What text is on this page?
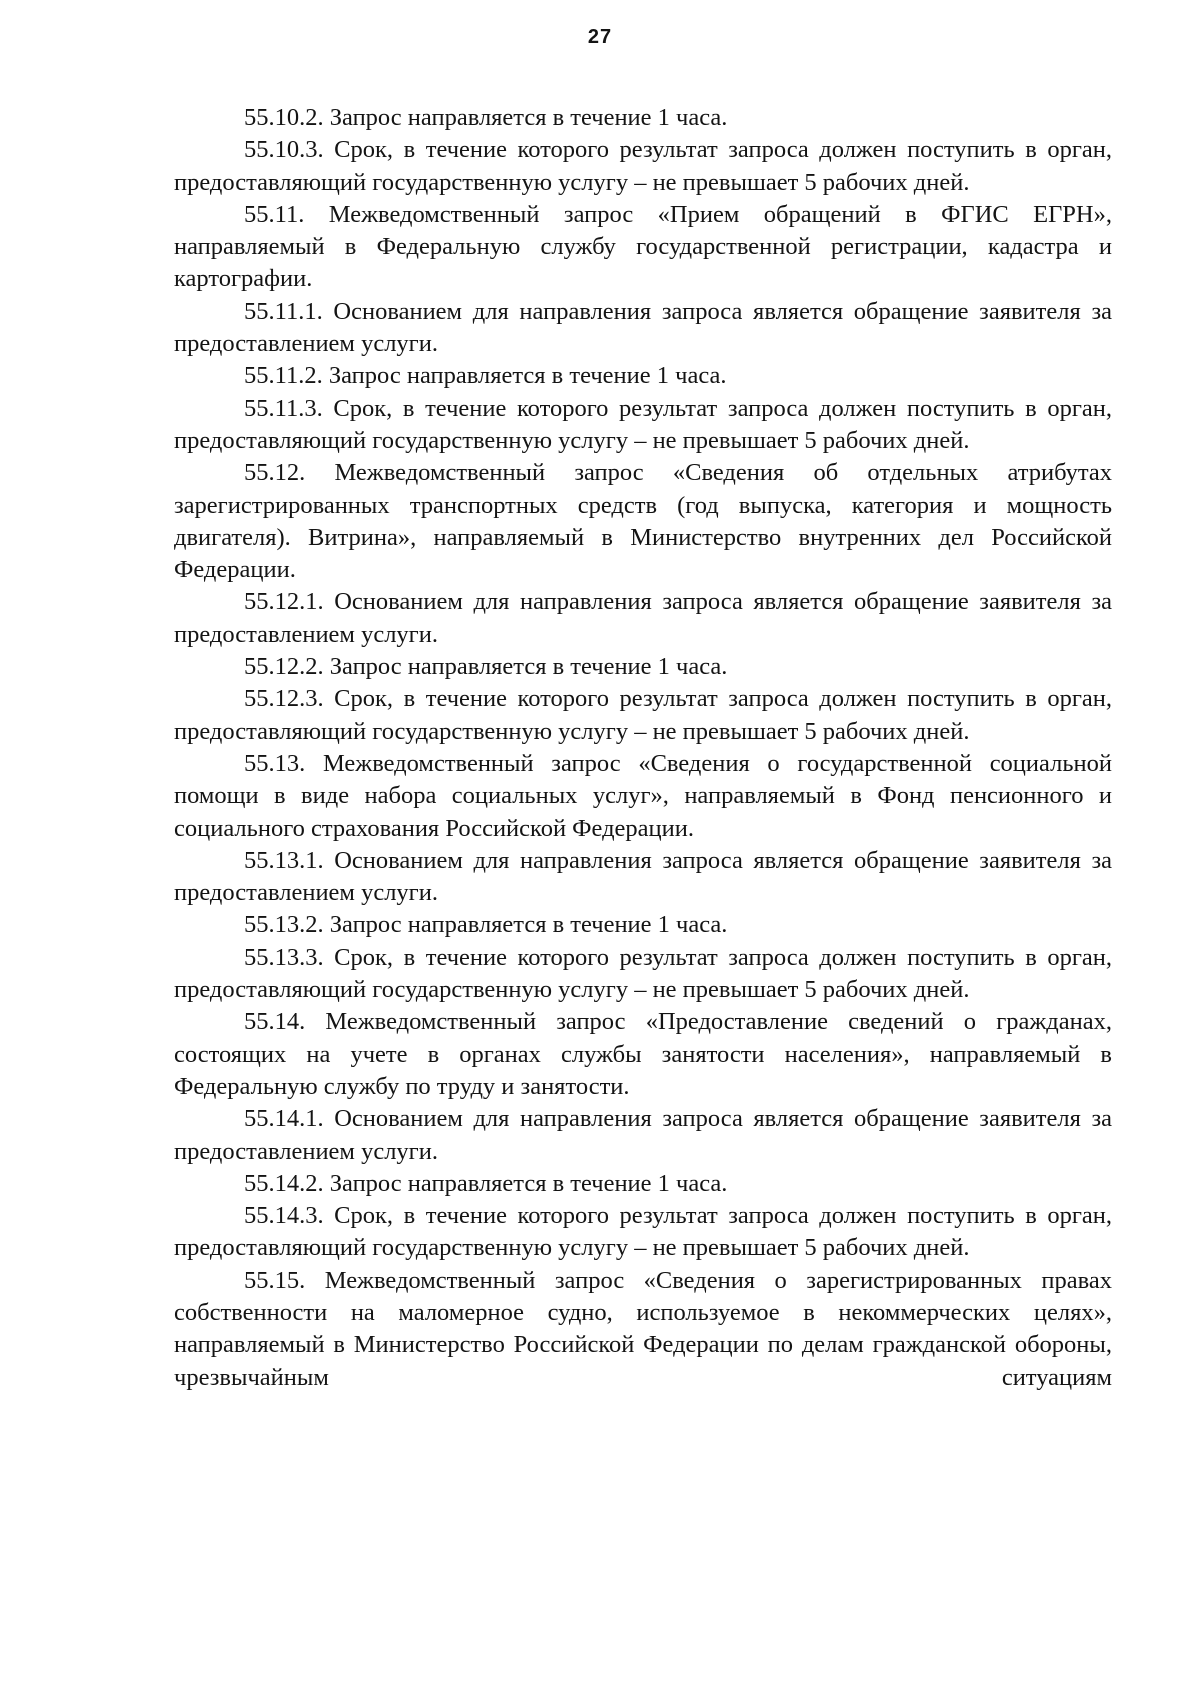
27

55.10.2. Запрос направляется в течение 1 часа.

55.10.3. Срок, в течение которого результат запроса должен поступить в орган, предоставляющий государственную услугу – не превышает 5 рабочих дней.

55.11. Межведомственный запрос «Прием обращений в ФГИС ЕГРН», направляемый в Федеральную службу государственной регистрации, кадастра и картографии.

55.11.1. Основанием для направления запроса является обращение заявителя за предоставлением услуги.

55.11.2. Запрос направляется в течение 1 часа.

55.11.3. Срок, в течение которого результат запроса должен поступить в орган, предоставляющий государственную услугу – не превышает 5 рабочих дней.

55.12. Межведомственный запрос «Сведения об отдельных атрибутах зарегистрированных транспортных средств (год выпуска, категория и мощность двигателя). Витрина», направляемый в Министерство внутренних дел Российской Федерации.

55.12.1. Основанием для направления запроса является обращение заявителя за предоставлением услуги.

55.12.2. Запрос направляется в течение 1 часа.

55.12.3. Срок, в течение которого результат запроса должен поступить в орган, предоставляющий государственную услугу – не превышает 5 рабочих дней.

55.13. Межведомственный запрос «Сведения о государственной социальной помощи в виде набора социальных услуг», направляемый в Фонд пенсионного и социального страхования Российской Федерации.

55.13.1. Основанием для направления запроса является обращение заявителя за предоставлением услуги.

55.13.2. Запрос направляется в течение 1 часа.

55.13.3. Срок, в течение которого результат запроса должен поступить в орган, предоставляющий государственную услугу – не превышает 5 рабочих дней.

55.14. Межведомственный запрос «Предоставление сведений о гражданах, состоящих на учете в органах службы занятости населения», направляемый в Федеральную службу по труду и занятости.

55.14.1. Основанием для направления запроса является обращение заявителя за предоставлением услуги.

55.14.2. Запрос направляется в течение 1 часа.

55.14.3. Срок, в течение которого результат запроса должен поступить в орган, предоставляющий государственную услугу – не превышает 5 рабочих дней.

55.15. Межведомственный запрос «Сведения о зарегистрированных правах собственности на маломерное судно, используемое в некоммерческих целях», направляемый в Министерство Российской Федерации по делам гражданской обороны, чрезвычайным ситуациям
